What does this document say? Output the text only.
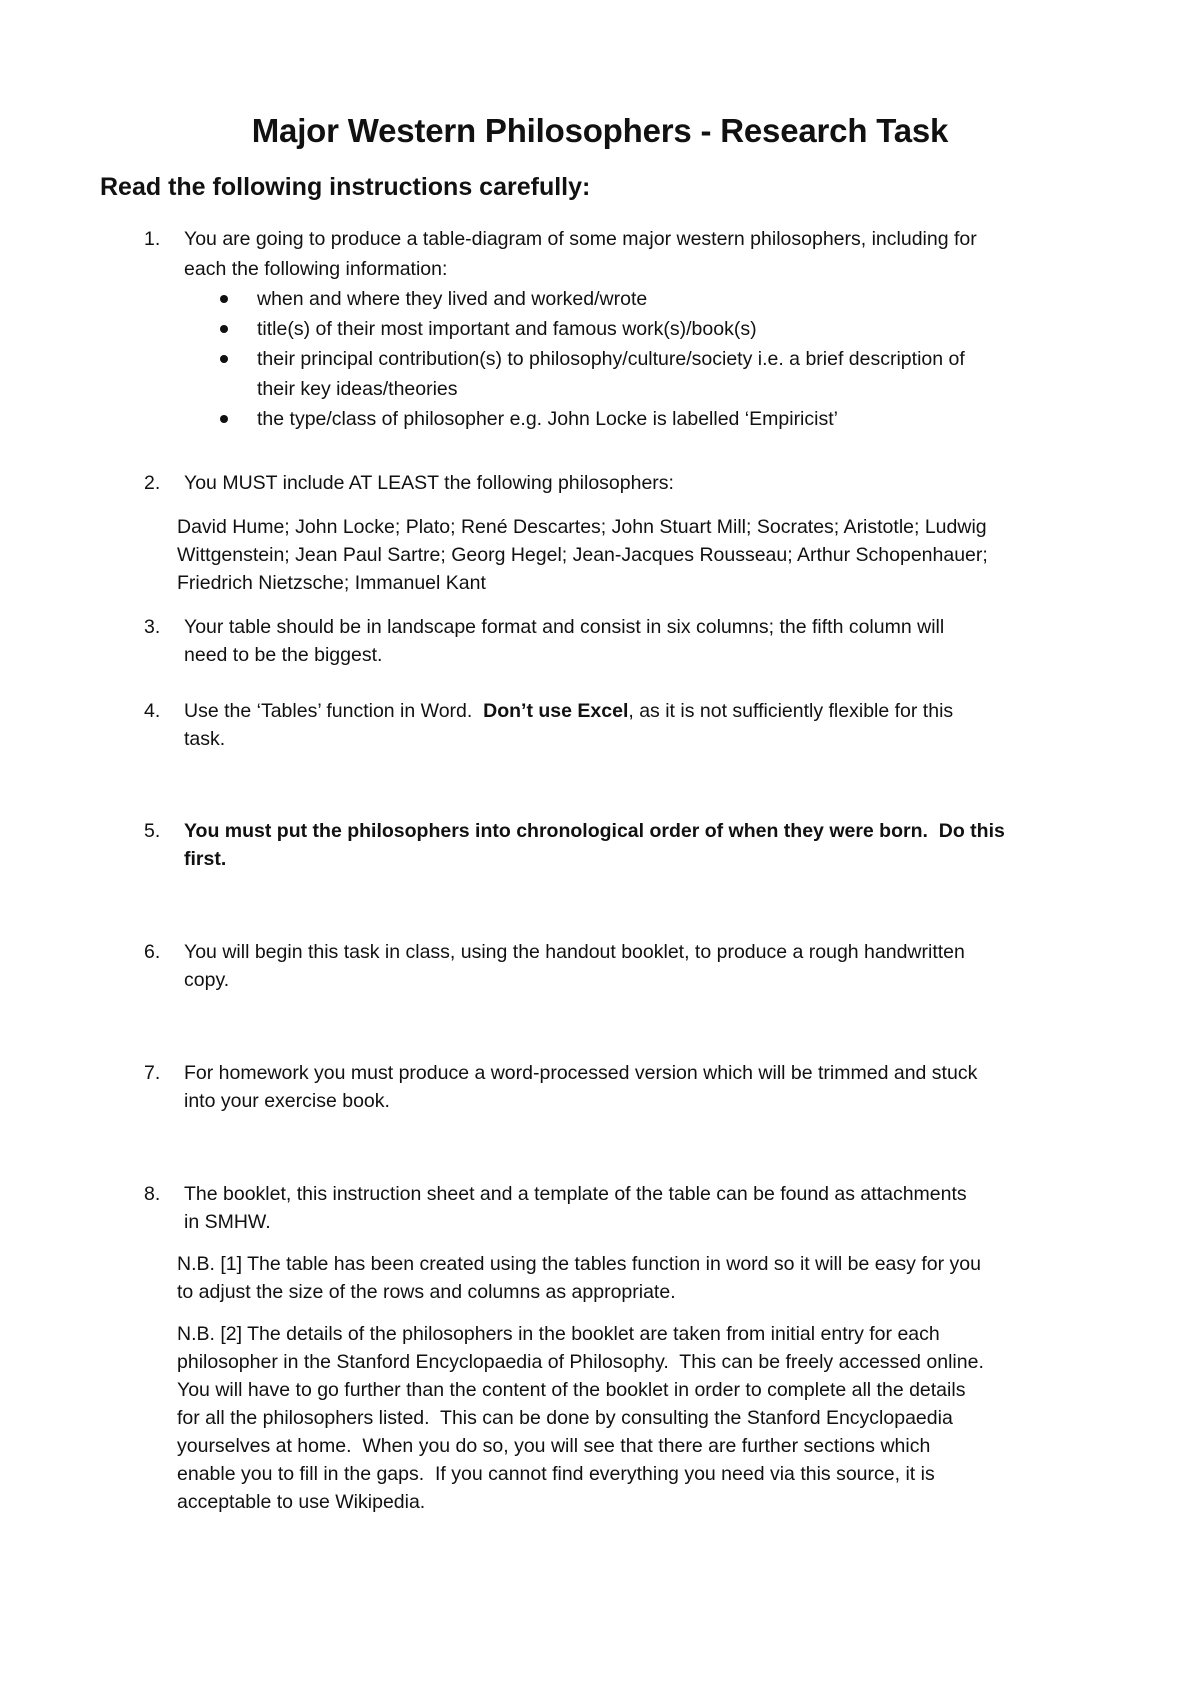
Major Western Philosophers - Research Task
Read the following instructions carefully:
1. You are going to produce a table-diagram of some major western philosophers, including for
each the following information:
when and where they lived and worked/wrote
title(s) of their most important and famous work(s)/book(s)
their principal contribution(s) to philosophy/culture/society i.e. a brief description of
their key ideas/theories
the type/class of philosopher e.g. John Locke is labelled ‘Empiricist’
2. You MUST include AT LEAST the following philosophers:

David Hume; John Locke; Plato; René Descartes; John Stuart Mill; Socrates; Aristotle; Ludwig
Wittgenstein; Jean Paul Sartre; Georg Hegel; Jean-Jacques Rousseau; Arthur Schopenhauer;
Friedrich Nietzsche; Immanuel Kant

3. Your table should be in landscape format and consist in six columns; the fifth column will
need to be the biggest.
4. Use the ‘Tables’ function in Word.  Don’t use Excel, as it is not sufficiently flexible for this
task.
5. You must put the philosophers into chronological order of when they were born.  Do this
first.
6. You will begin this task in class, using the handout booklet, to produce a rough handwritten
copy.
7. For homework you must produce a word-processed version which will be trimmed and stuck
into your exercise book.
8. The booklet, this instruction sheet and a template of the table can be found as attachments
in SMHW.

N.B. [1] The table has been created using the tables function in word so it will be easy for you
to adjust the size of the rows and columns as appropriate.

N.B. [2] The details of the philosophers in the booklet are taken from initial entry for each
philosopher in the Stanford Encyclopaedia of Philosophy.  This can be freely accessed online.
You will have to go further than the content of the booklet in order to complete all the details
for all the philosophers listed.  This can be done by consulting the Stanford Encyclopaedia
yourselves at home.  When you do so, you will see that there are further sections which
enable you to fill in the gaps.  If you cannot find everything you need via this source, it is
acceptable to use Wikipedia.
